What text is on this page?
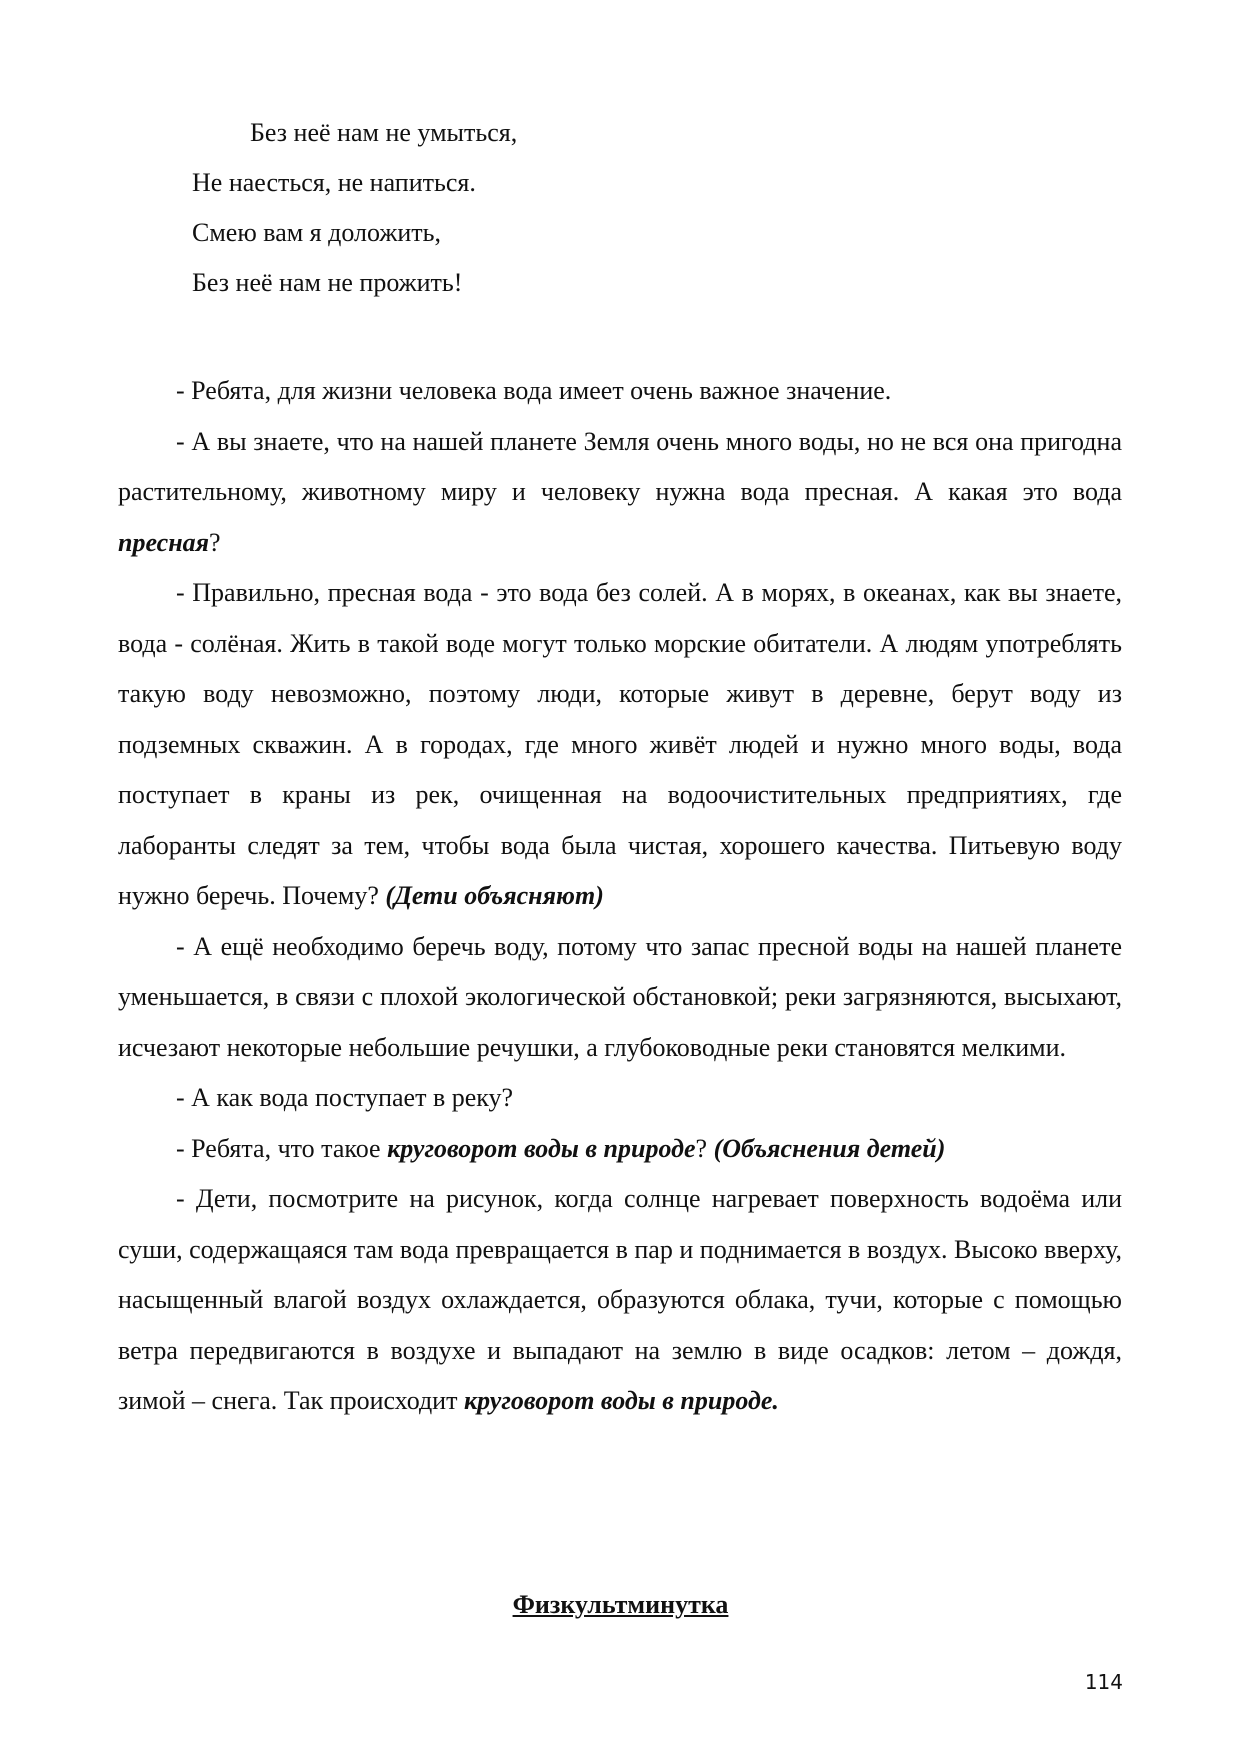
Без неё нам не умыться,
Не наесться, не напиться.
Смею вам я доложить,
Без неё нам не прожить!

- Ребята, для жизни человека вода имеет очень важное значение.

- А вы знаете, что на нашей планете Земля очень много воды, но не вся она пригодна растительному, животному миру и человеку нужна вода пресная. А какая это вода пресная?

- Правильно, пресная вода - это вода без солей. А в морях, в океанах, как вы знаете, вода - солёная. Жить в такой воде могут только морские обитатели. А людям употреблять такую воду невозможно, поэтому люди, которые живут в деревне, берут воду из подземных скважин. А в городах, где много живёт людей и нужно много воды, вода поступает в краны из рек, очищенная на водоочистительных предприятиях, где лаборанты следят за тем, чтобы вода была чистая, хорошего качества. Питьевую воду нужно беречь. Почему? (Дети объясняют)

- А ещё необходимо беречь воду, потому что запас пресной воды на нашей планете уменьшается, в связи с плохой экологической обстановкой; реки загрязняются, высыхают, исчезают некоторые небольшие речушки, а глубоководные реки становятся мелкими.

- А как вода поступает в реку?

- Ребята, что такое круговорот воды в природе? (Объяснения детей)

- Дети, посмотрите на рисунок, когда солнце нагревает поверхность водоёма или суши, содержащаяся там вода превращается в пар и поднимается в воздух. Высоко вверху, насыщенный влагой воздух охлаждается, образуются облака, тучи, которые с помощью ветра передвигаются в воздухе и выпадают на землю в виде осадков: летом – дождя, зимой – снега. Так происходит круговорот воды в природе.

Физкультминутка
114
